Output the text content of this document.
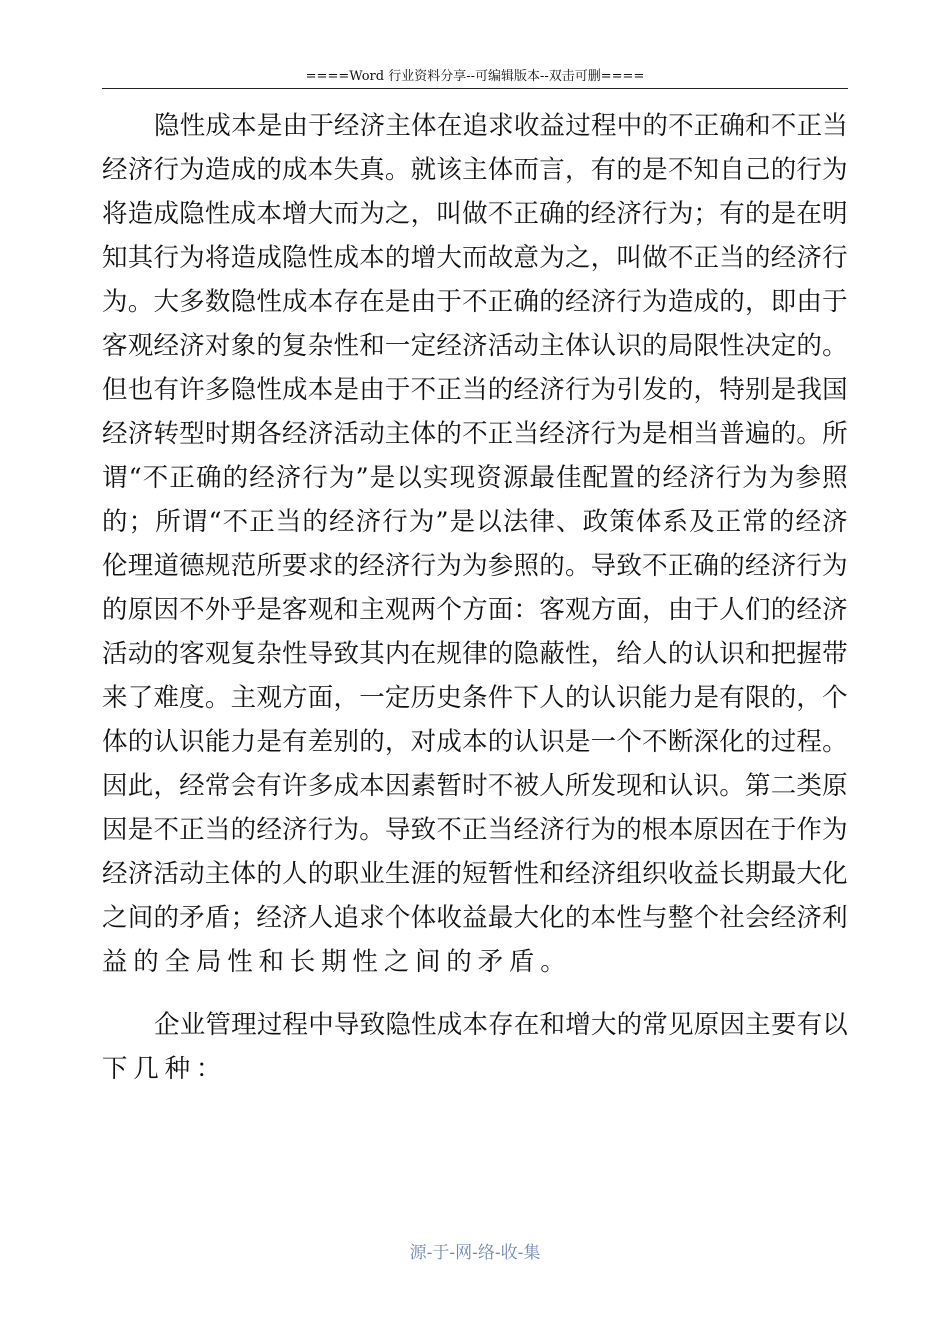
====Word 行业资料分享--可编辑版本--双击可删====
隐 性 成 本 是 由 于 经 济 主 体 在 追 求 收 益 过 程 中 的 不 正 确 和 不 正 当
经 济 行 为 造 成 的 成 本 失 真 。 就 该 主 体 而 言 ， 有 的 是 不 知 自 己 的 行 为
将 造 成 隐 性 成 本 增 大 而 为 之 ， 叫 做 不 正 确 的 经 济 行 为 ； 有 的 是 在 明
知 其 行 为 将 造 成 隐 性 成 本 的 增 大 而 故 意 为 之 ， 叫 做 不 正 当 的 经 济 行
为 。 大 多 数 隐 性 成 本 存 在 是 由 于 不 正 确 的 经 济 行 为 造 成 的 ， 即 由 于
客 观 经 济 对 象 的 复 杂 性 和 一 定 经 济 活 动 主 体 认 识 的 局 限 性 决 定 的 。
但 也 有 许 多 隐 性 成 本 是 由 于 不 正 当 的 经 济 行 为 引 发 的 ， 特 别 是 我 国
经 济 转 型 时 期 各 经 济 活 动 主 体 的 不 正 当 经 济 行 为 是 相 当 普 遍 的 。 所
谓 “ 不 正 确 的 经 济 行 为 ” 是 以 实 现 资 源 最 佳 配 置 的 经 济 行 为 为 参 照
的 ； 所 谓 “ 不 正 当 的 经 济 行 为 ” 是 以 法 律 、 政 策 体 系 及 正 常 的 经 济
伦 理 道 德 规 范 所 要 求 的 经 济 行 为 为 参 照 的 。 导 致 不 正 确 的 经 济 行 为
的 原 因 不 外 乎 是 客 观 和 主 观 两 个 方 面 ： 客 观 方 面 ， 由 于 人 们 的 经 济
活 动 的 客 观 复 杂 性 导 致 其 内 在 规 律 的 隐 蔽 性 ， 给 人 的 认 识 和 把 握 带
来 了 难 度 。 主 观 方 面 ， 一 定 历 史 条 件 下 人 的 认 识 能 力 是 有 限 的 ， 个
体 的 认 识 能 力 是 有 差 别 的 ， 对 成 本 的 认 识 是 一 个 不 断 深 化 的 过 程 。
因 此 ， 经 常 会 有 许 多 成 本 因 素 暂 时 不 被 人 所 发 现 和 认 识 。 第 二 类 原
因 是 不 正 当 的 经 济 行 为 。 导 致 不 正 当 经 济 行 为 的 根 本 原 因 在 于 作 为
经 济 活 动 主 体 的 人 的 职 业 生 涯 的 短 暂 性 和 经 济 组 织 收 益 长 期 最 大 化
之 间 的 矛 盾 ； 经 济 人 追 求 个 体 收 益 最 大 化 的 本 性 与 整 个 社 会 经 济 利
益的全局性和长期性之间的矛盾。
企 业 管 理 过 程 中 导 致 隐 性 成 本 存 在 和 增 大 的 常 见 原 因 主 要 有 以
下几种：
源-于-网-络-收-集
